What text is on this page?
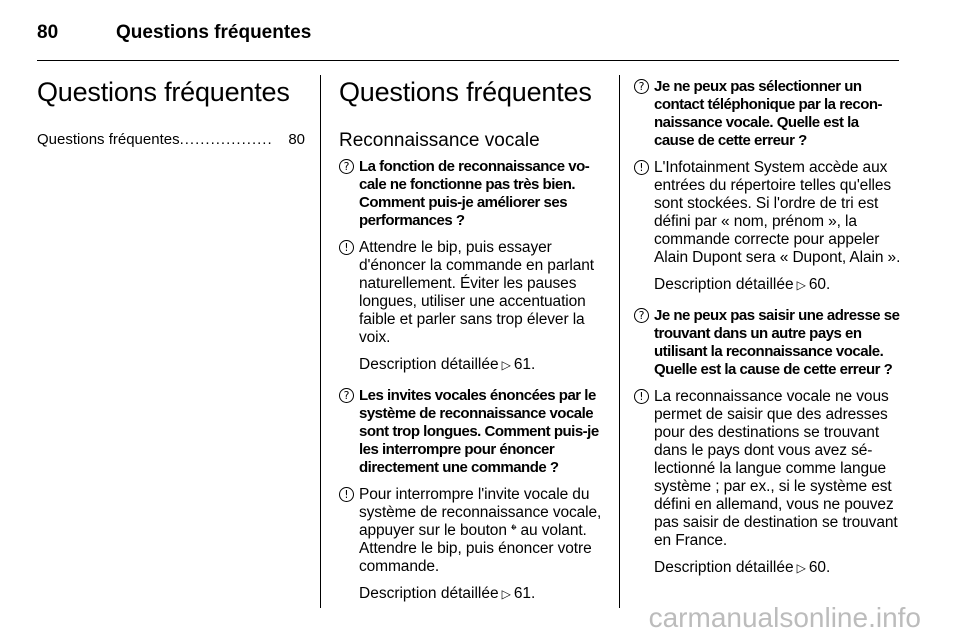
80	Questions fréquentes
Questions fréquentes
Questions fréquentes ..................	80
Questions fréquentes
Reconnaissance vocale
? La fonction de reconnaissance vocale ne fonctionne pas très bien. Comment puis-je améliorer ses performances ?
! Attendre le bip, puis essayer d'énoncer la commande en parlant naturellement. Éviter les pauses longues, utiliser une accentuation faible et parler sans trop élever la voix.
Description détaillée ▷ 61.
? Les invites vocales énoncées par le système de reconnaissance vocale sont trop longues. Comment puis-je les interrompre pour énoncer directement une commande ?
! Pour interrompre l'invite vocale du système de reconnaissance vocale, appuyer sur le bouton 𝄌 au volant. Attendre le bip, puis énoncer votre commande.
Description détaillée ▷ 61.
? Je ne peux pas sélectionner un contact téléphonique par la reconnaissance vocale. Quelle est la cause de cette erreur ?
! L'Infotainment System accède aux entrées du répertoire telles qu'elles sont stockées. Si l'ordre de tri est défini par « nom, prénom », la commande correcte pour appeler Alain Dupont sera « Dupont, Alain ».
Description détaillée ▷ 60.
? Je ne peux pas saisir une adresse se trouvant dans un autre pays en utilisant la reconnaissance vocale. Quelle est la cause de cette erreur ?
! La reconnaissance vocale ne vous permet de saisir que des adresses pour des destinations se trouvant dans le pays dont vous avez sélectionné la langue comme langue système ; par ex., si le système est défini en allemand, vous ne pouvez pas saisir de destination se trouvant en France.
Description détaillée ▷ 60.
carmanualsonline.info
